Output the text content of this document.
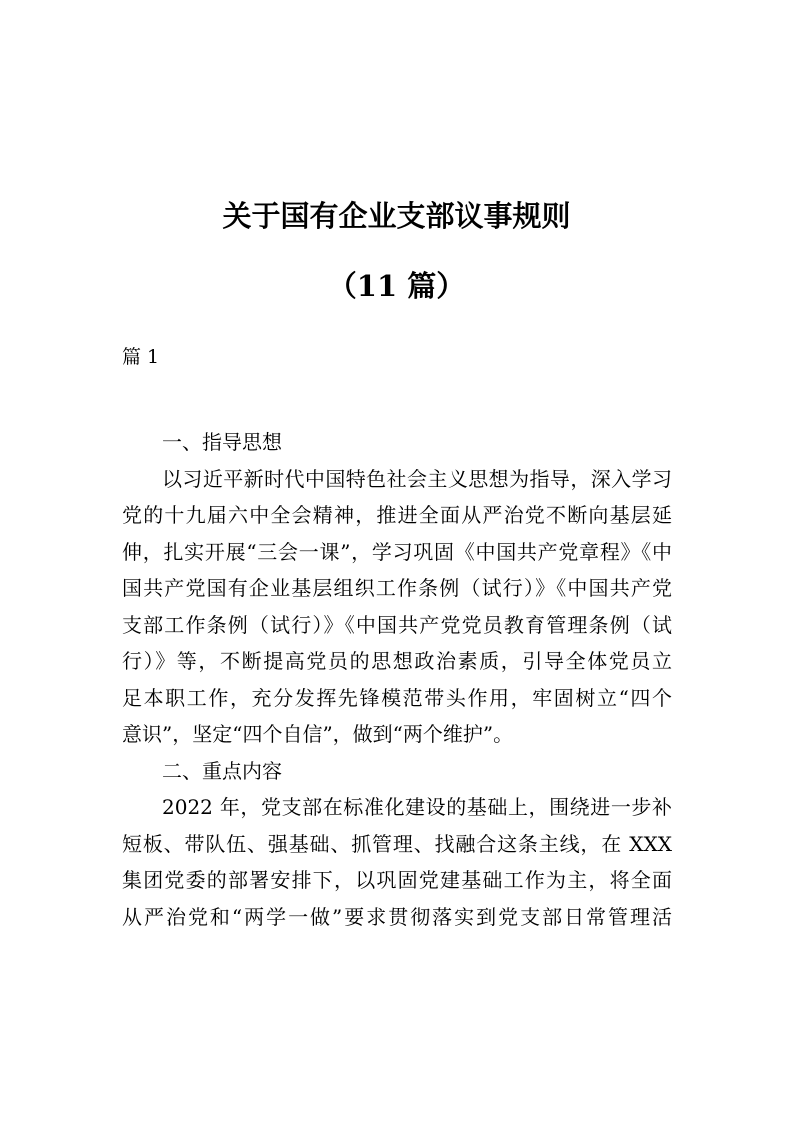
关于国有企业支部议事规则
（11 篇）

篇 1

一、指导思想
以习近平新时代中国特色社会主义思想为指导，深入学习
党的十九届六中全会精神，推进全面从严治党不断向基层延
伸，扎实开展“三会一课”，学习巩固《中国共产党章程》《中
国共产党国有企业基层组织工作条例（试行）》《中国共产党
支部工作条例（试行）》《中国共产党党员教育管理条例（试
行）》等，不断提高党员的思想政治素质，引导全体党员立
足本职工作，充分发挥先锋模范带头作用，牢固树立“四个
意识”，坚定“四个自信”，做到“两个维护”。
二、重点内容
2022 年，党支部在标准化建设的基础上，围绕进一步补
短板、带队伍、强基础、抓管理、找融合这条主线，在 XXX
集团党委的部署安排下，以巩固党建基础工作为主，将全面
从严治党和“两学一做”要求贯彻落实到党支部日常管理活
